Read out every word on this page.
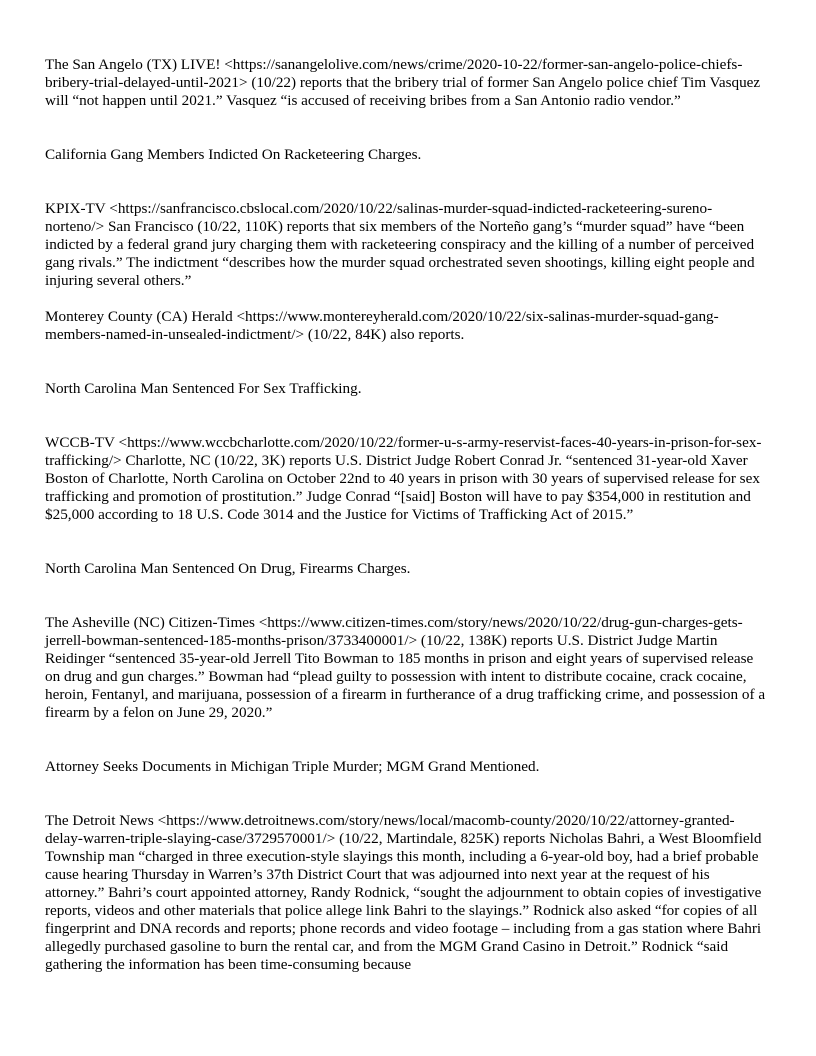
The San Angelo (TX) LIVE! <https://sanangelolive.com/news/crime/2020-10-22/former-san-angelo-police-chiefs-bribery-trial-delayed-until-2021> (10/22) reports that the bribery trial of former San Angelo police chief Tim Vasquez will “not happen until 2021.” Vasquez “is accused of receiving bribes from a San Antonio radio vendor.”

California Gang Members Indicted On Racketeering Charges.

KPIX-TV <https://sanfrancisco.cbslocal.com/2020/10/22/salinas-murder-squad-indicted-racketeering-sureno-norteno/> San Francisco (10/22, 110K) reports that six members of the Norteño gang’s “murder squad” have “been indicted by a federal grand jury charging them with racketeering conspiracy and the killing of a number of perceived gang rivals.” The indictment “describes how the murder squad orchestrated seven shootings, killing eight people and injuring several others.”

Monterey County (CA) Herald <https://www.montereyherald.com/2020/10/22/six-salinas-murder-squad-gang-members-named-in-unsealed-indictment/> (10/22, 84K) also reports.

North Carolina Man Sentenced For Sex Trafficking.

WCCB-TV <https://www.wccbcharlotte.com/2020/10/22/former-u-s-army-reservist-faces-40-years-in-prison-for-sex-trafficking/> Charlotte, NC (10/22, 3K) reports U.S. District Judge Robert Conrad Jr. “sentenced 31-year-old Xaver Boston of Charlotte, North Carolina on October 22nd to 40 years in prison with 30 years of supervised release for sex trafficking and promotion of prostitution.” Judge Conrad “[said] Boston will have to pay $354,000 in restitution and $25,000 according to 18 U.S. Code 3014 and the Justice for Victims of Trafficking Act of 2015.”

North Carolina Man Sentenced On Drug, Firearms Charges.

The Asheville (NC) Citizen-Times <https://www.citizen-times.com/story/news/2020/10/22/drug-gun-charges-gets-jerrell-bowman-sentenced-185-months-prison/3733400001/> (10/22, 138K) reports U.S. District Judge Martin Reidinger “sentenced 35-year-old Jerrell Tito Bowman to 185 months in prison and eight years of supervised release on drug and gun charges.” Bowman had “plead guilty to possession with intent to distribute cocaine, crack cocaine, heroin, Fentanyl, and marijuana, possession of a firearm in furtherance of a drug trafficking crime, and possession of a firearm by a felon on June 29, 2020.”

Attorney Seeks Documents in Michigan Triple Murder; MGM Grand Mentioned.

The Detroit News <https://www.detroitnews.com/story/news/local/macomb-county/2020/10/22/attorney-granted-delay-warren-triple-slaying-case/3729570001/> (10/22, Martindale, 825K) reports Nicholas Bahri, a West Bloomfield Township man “charged in three execution-style slayings this month, including a 6-year-old boy, had a brief probable cause hearing Thursday in Warren’s 37th District Court that was adjourned into next year at the request of his attorney.” Bahri’s court appointed attorney, Randy Rodnick, “sought the adjournment to obtain copies of investigative reports, videos and other materials that police allege link Bahri to the slayings.” Rodnick also asked “for copies of all fingerprint and DNA records and reports; phone records and video footage – including from a gas station where Bahri allegedly purchased gasoline to burn the rental car, and from the MGM Grand Casino in Detroit.” Rodnick “said gathering the information has been time-consuming because
